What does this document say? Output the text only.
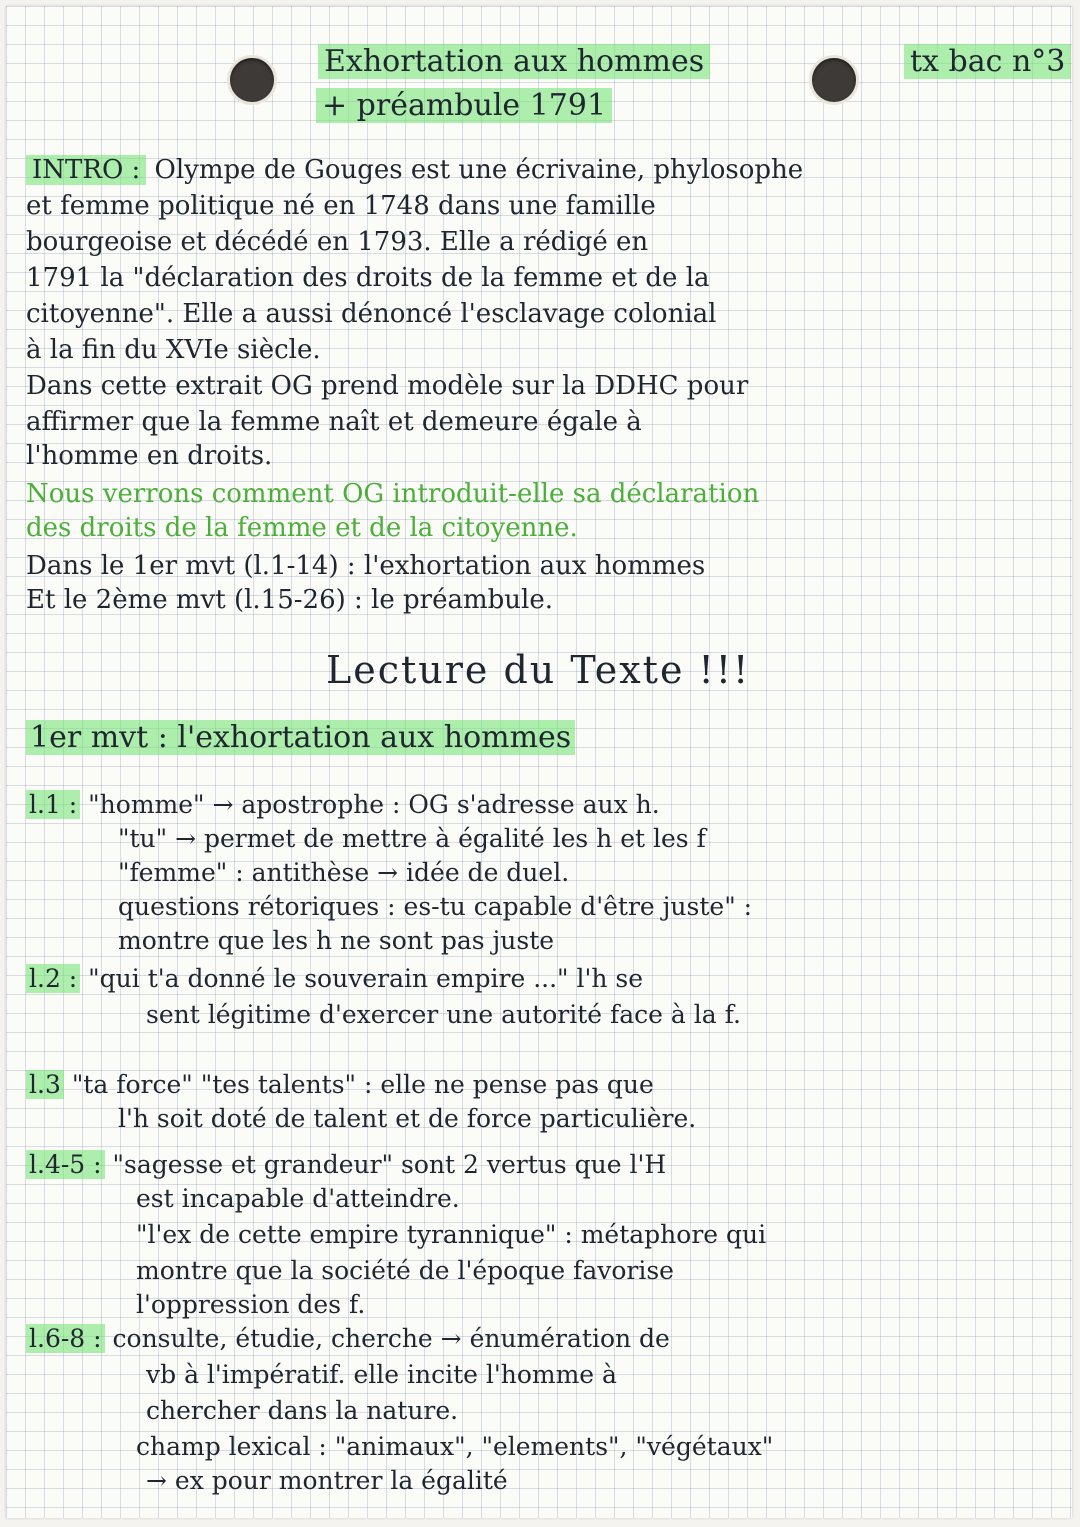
Exhortation aux hommes
+ préambule 1791
tx bac n°3
INTRO : Olympe de Gouges est une écrivaine, phylosophe
et femme politique né en 1748 dans une famille
bourgeoise et décédé en 1793. Elle a rédigé en
1791 la "déclaration des droits de la femme et de la
citoyenne". Elle a aussi dénoncé l'esclavage colonial
à la fin du XVIe siècle.
Dans cette extrait OG prend modèle sur la DDHC pour
affirmer que la femme naît et demeure égale à
l'homme en droits.
Nous verrons comment OG introduit-elle sa déclaration
des droits de la femme et de la citoyenne.
Dans le 1er mvt (l.1-14) : l'exhortation aux hommes
Et le 2ème mvt (l.15-26) : le préambule.
Lecture du Texte !!!
1er mvt : l'exhortation aux hommes
l.1 : "homme" → apostrophe : OG s'adresse aux h.
"tu" → permet de mettre à égalité les h et les f
"femme" : antithèse → idée de duel.
questions rétoriques : es-tu capable d'être juste" :
montre que les h ne sont pas juste
l.2 : "qui t'a donné le souverain empire ..." l'h se
sent légitime d'exercer une autorité face à la f.
l.3 "ta force" "tes talents" : elle ne pense pas que
l'h soit doté de talent et de force particulière.
l.4-5 : "sagesse et grandeur" sont 2 vertus que l'H
est incapable d'atteindre.
"l'ex de cette empire tyrannique" : métaphore qui
montre que la société de l'époque favorise
l'oppression des f.
l.6-8 : consulte, étudie, cherche → énumération de
vb à l'impératif. elle incite l'homme à
chercher dans la nature.
champ lexical : "animaux", "elements", "végétaux"
→ ex pour montrer la égalité
